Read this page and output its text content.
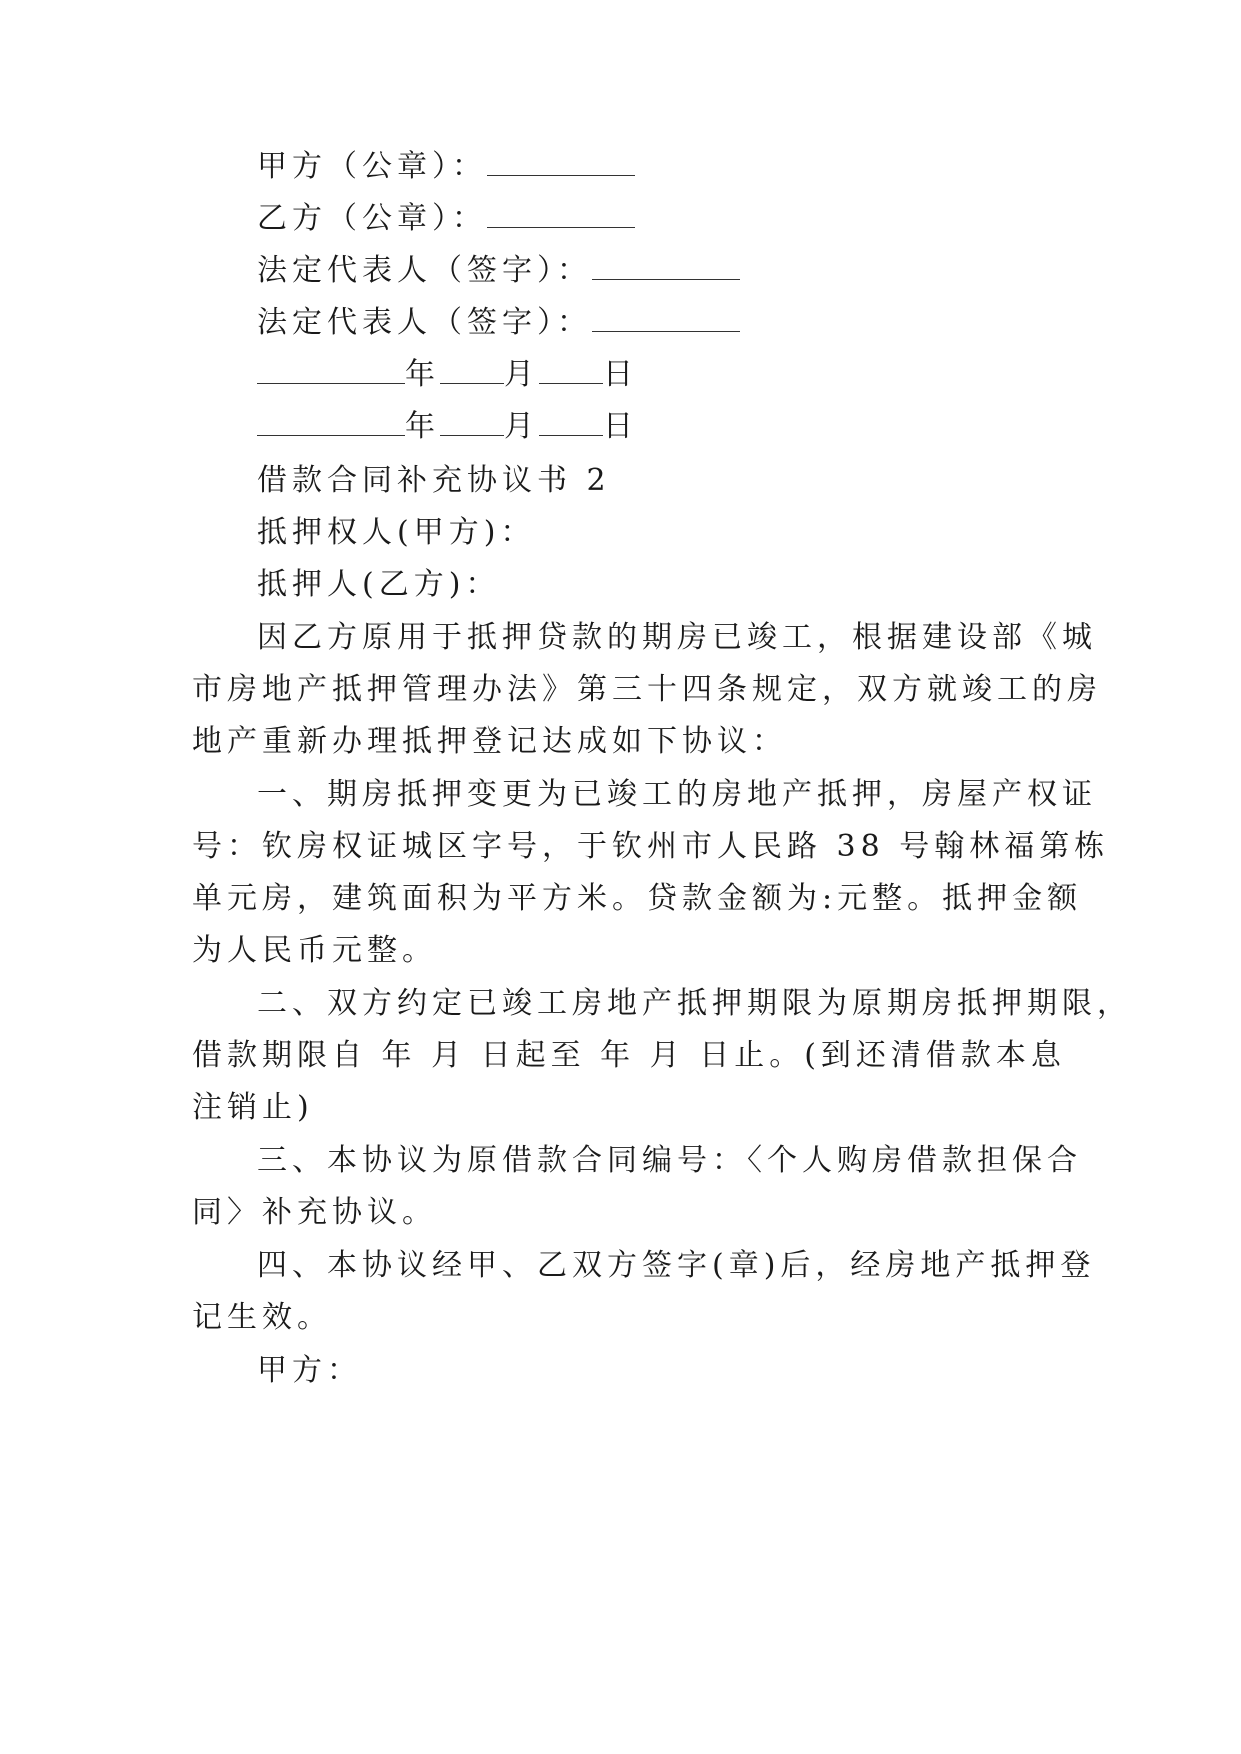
甲方（公章）：
乙方（公章）：
法定代表人（签字）：
法定代表人（签字）：
年 月 日
年 月 日
借款合同补充协议书 2
抵押权人(甲方)：
抵押人(乙方)：
因乙方原用于抵押贷款的期房已竣工，根据建设部《城
市房地产抵押管理办法》第三十四条规定，双方就竣工的房
地产重新办理抵押登记达成如下协议：
一、期房抵押变更为已竣工的房地产抵押，房屋产权证
号：钦房权证城区字号，于钦州市人民路 38 号翰林福第栋
单元房，建筑面积为平方米。贷款金额为:元整。抵押金额
为人民币元整。
二、双方约定已竣工房地产抵押期限为原期房抵押期限，
借款期限自 年 月 日起至 年 月 日止。(到还清借款本息
注销止)
三、本协议为原借款合同编号：〈个人购房借款担保合
同〉补充协议。
四、本协议经甲、乙双方签字(章)后，经房地产抵押登
记生效。
甲方：
